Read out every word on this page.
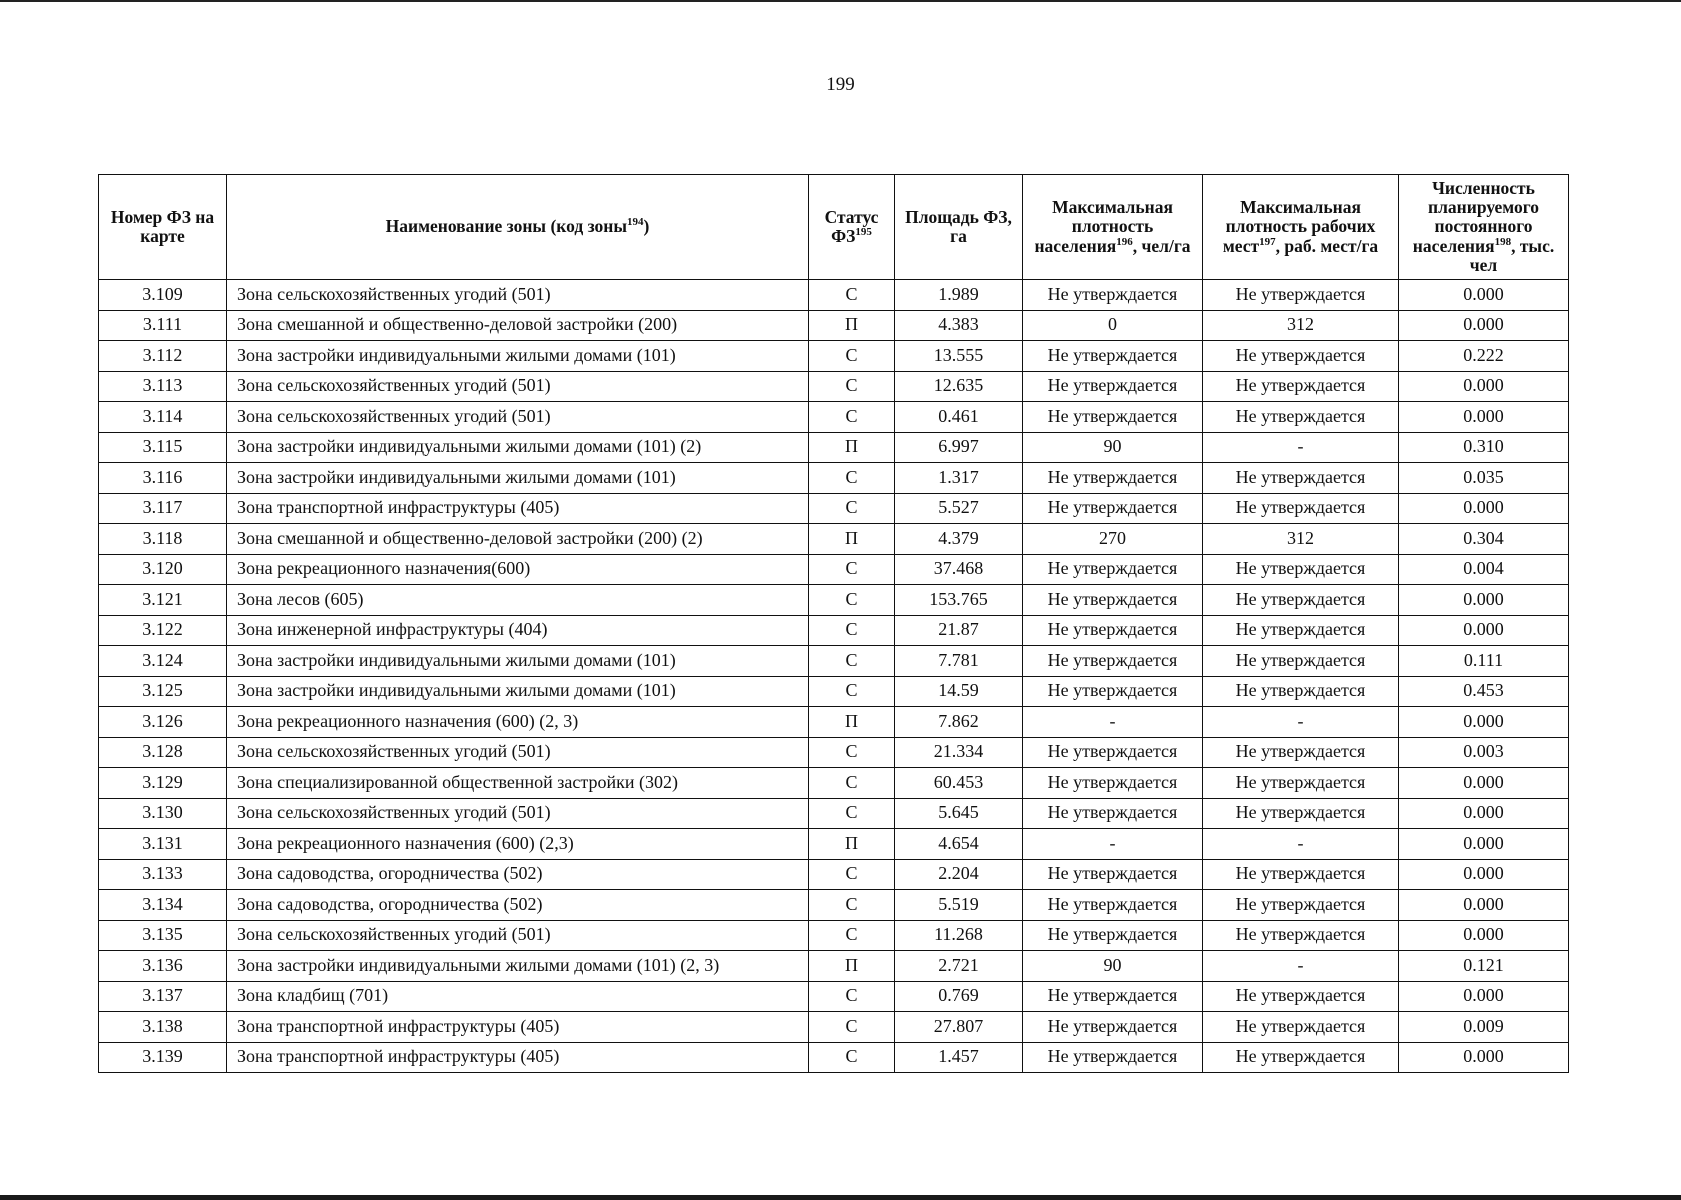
199
Номер ФЗ на карте	Наименование зоны (код зоны$^{194}$)	Статус ФЗ$^{195}$	Площадь ФЗ, га	Максимальная плотность населения$^{196}$, чел/га	Максимальная плотность рабочих мест$^{197}$, раб. мест/га	Численность планируемого постоянного населения$^{198}$, тыс. чел
3.109	Зона сельскохозяйственных угодий (501)	С	1.989	Не утверждается	Не утверждается	0.000
3.111	Зона смешанной и общественно-деловой застройки (200)	П	4.383	0	312	0.000
3.112	Зона застройки индивидуальными жилыми домами (101)	С	13.555	Не утверждается	Не утверждается	0.222
3.113	Зона сельскохозяйственных угодий (501)	С	12.635	Не утверждается	Не утверждается	0.000
3.114	Зона сельскохозяйственных угодий (501)	С	0.461	Не утверждается	Не утверждается	0.000
3.115	Зона застройки индивидуальными жилыми домами (101) (2)	П	6.997	90	-	0.310
3.116	Зона застройки индивидуальными жилыми домами (101)	С	1.317	Не утверждается	Не утверждается	0.035
3.117	Зона транспортной инфраструктуры (405)	С	5.527	Не утверждается	Не утверждается	0.000
3.118	Зона смешанной и общественно-деловой застройки (200) (2)	П	4.379	270	312	0.304
3.120	Зона рекреационного назначения(600)	С	37.468	Не утверждается	Не утверждается	0.004
3.121	Зона лесов (605)	С	153.765	Не утверждается	Не утверждается	0.000
3.122	Зона инженерной инфраструктуры (404)	С	21.87	Не утверждается	Не утверждается	0.000
3.124	Зона застройки индивидуальными жилыми домами (101)	С	7.781	Не утверждается	Не утверждается	0.111
3.125	Зона застройки индивидуальными жилыми домами (101)	С	14.59	Не утверждается	Не утверждается	0.453
3.126	Зона рекреационного назначения (600) (2, 3)	П	7.862	-	-	0.000
3.128	Зона сельскохозяйственных угодий (501)	С	21.334	Не утверждается	Не утверждается	0.003
3.129	Зона специализированной общественной застройки (302)	С	60.453	Не утверждается	Не утверждается	0.000
3.130	Зона сельскохозяйственных угодий (501)	С	5.645	Не утверждается	Не утверждается	0.000
3.131	Зона рекреационного назначения (600) (2,3)	П	4.654	-	-	0.000
3.133	Зона садоводства, огородничества (502)	С	2.204	Не утверждается	Не утверждается	0.000
3.134	Зона садоводства, огородничества (502)	С	5.519	Не утверждается	Не утверждается	0.000
3.135	Зона сельскохозяйственных угодий (501)	С	11.268	Не утверждается	Не утверждается	0.000
3.136	Зона застройки индивидуальными жилыми домами (101) (2, 3)	П	2.721	90	-	0.121
3.137	Зона кладбищ (701)	С	0.769	Не утверждается	Не утверждается	0.000
3.138	Зона транспортной инфраструктуры (405)	С	27.807	Не утверждается	Не утверждается	0.009
3.139	Зона транспортной инфраструктуры (405)	С	1.457	Не утверждается	Не утверждается	0.000
